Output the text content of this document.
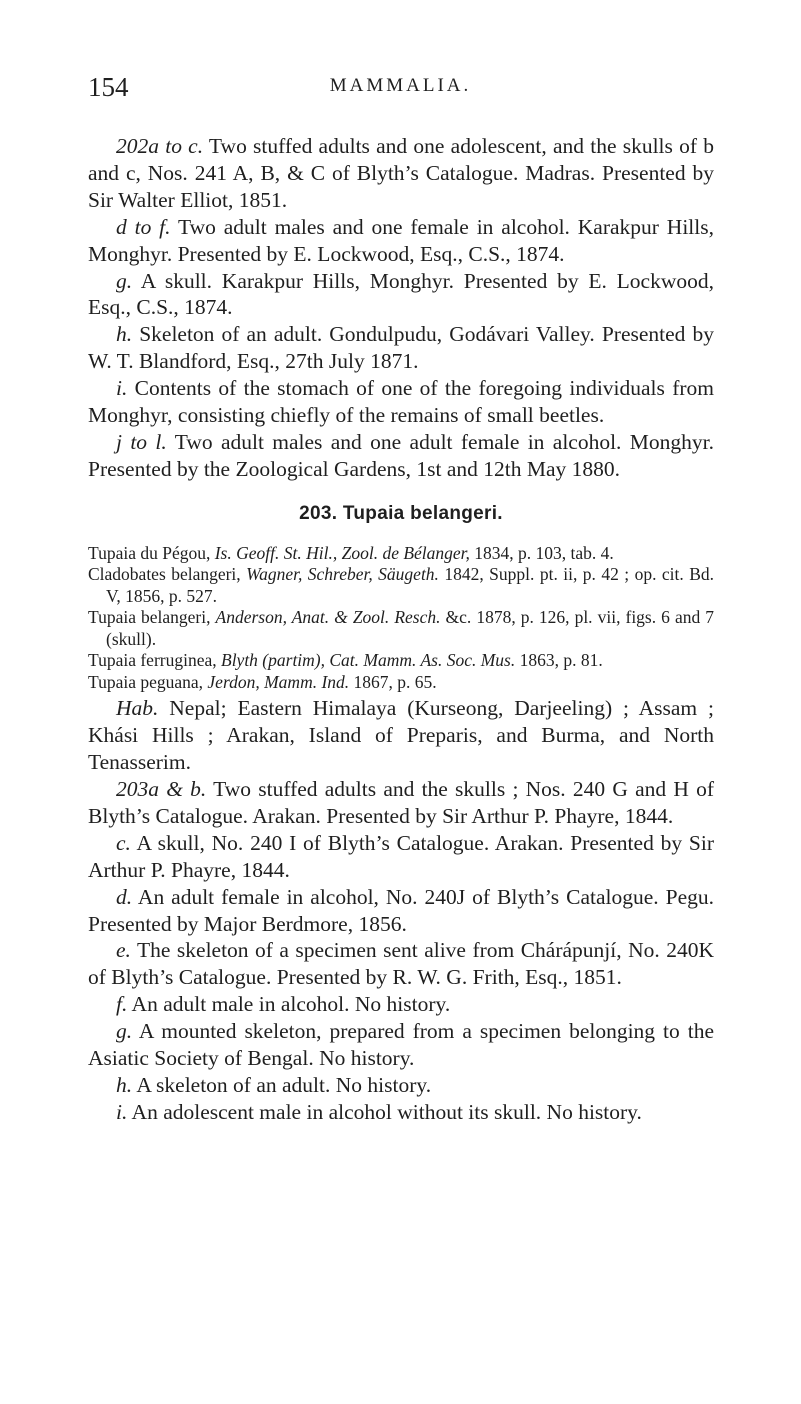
154	MAMMALIA.

202a to c. Two stuffed adults and one adolescent, and the skulls of b and c, Nos. 241 A, B, & C of Blyth’s Catalogue. Madras. Presented by Sir Walter Elliot, 1851.

d to f. Two adult males and one female in alcohol. Karakpur Hills, Monghyr. Presented by E. Lockwood, Esq., C.S., 1874.

g. A skull. Karakpur Hills, Monghyr. Presented by E. Lockwood, Esq., C.S., 1874.

h. Skeleton of an adult. Gondulpudu, Godávari Valley. Presented by W. T. Blandford, Esq., 27th July 1871.

i. Contents of the stomach of one of the foregoing individuals from Monghyr, consisting chiefly of the remains of small beetles.

j to l. Two adult males and one adult female in alcohol. Monghyr. Presented by the Zoological Gardens, 1st and 12th May 1880.

203. Tupaia belangeri.

Tupaia du Pégou, Is. Geoff. St. Hil., Zool. de Bélanger, 1834, p. 103, tab. 4.

Cladobates belangeri, Wagner, Schreber, Säugeth. 1842, Suppl. pt. ii, p. 42 ; op. cit. Bd. V, 1856, p. 527.

Tupaia belangeri, Anderson, Anat. & Zool. Resch. &c. 1878, p. 126, pl. vii, figs. 6 and 7 (skull).

Tupaia ferruginea, Blyth (partim), Cat. Mamm. As. Soc. Mus. 1863, p. 81.

Tupaia peguana, Jerdon, Mamm. Ind. 1867, p. 65.

Hab. Nepal; Eastern Himalaya (Kurseong, Darjeeling) ; Assam ; Khási Hills ; Arakan, Island of Preparis, and Burma, and North Tenasserim.

203a & b. Two stuffed adults and the skulls ; Nos. 240 G and H of Blyth’s Catalogue. Arakan. Presented by Sir Arthur P. Phayre, 1844.

c. A skull, No. 240 I of Blyth’s Catalogue. Arakan. Presented by Sir Arthur P. Phayre, 1844.

d. An adult female in alcohol, No. 240J of Blyth’s Catalogue. Pegu. Presented by Major Berdmore, 1856.

e. The skeleton of a specimen sent alive from Chárápunjí, No. 240K of Blyth’s Catalogue. Presented by R. W. G. Frith, Esq., 1851.

f. An adult male in alcohol. No history.

g. A mounted skeleton, prepared from a specimen belonging to the Asiatic Society of Bengal. No history.

h. A skeleton of an adult. No history.

i. An adolescent male in alcohol without its skull. No history.
